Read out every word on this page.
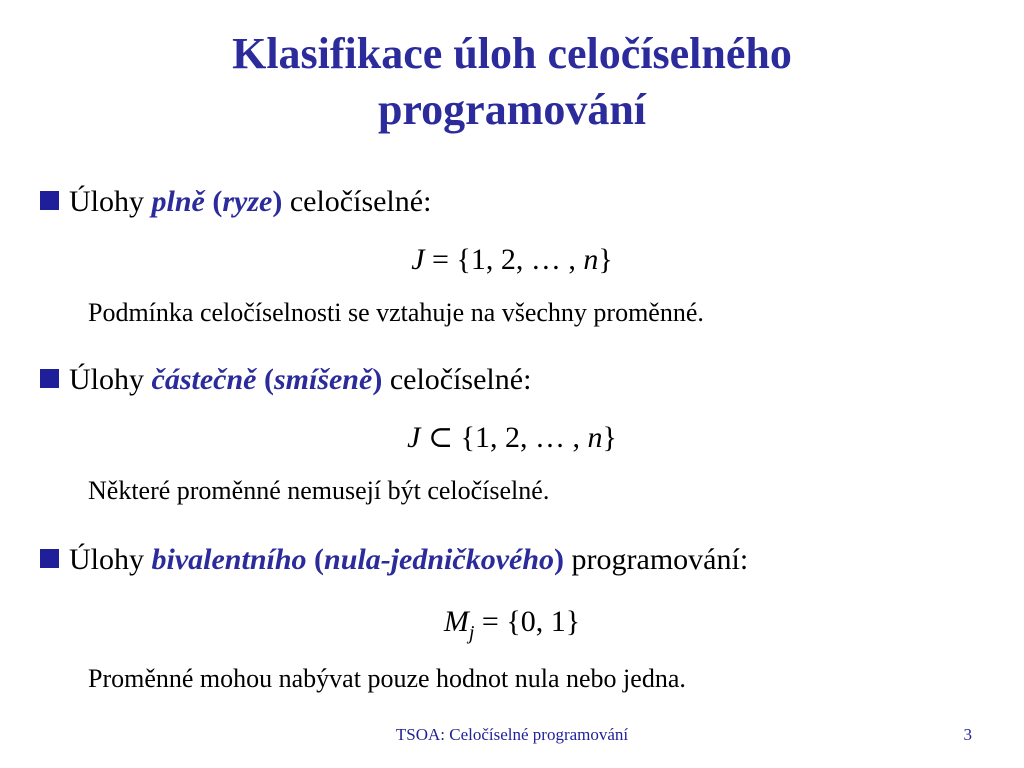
Klasifikace úloh celočíselného
programování
Úlohy plně (ryze) celočíselné:
J = {1, 2, … , n}
Podmínka celočíselnosti se vztahuje na všechny proměnné.
Úlohy částečně (smíšeně) celočíselné:
J ⊂ {1, 2, … , n}
Některé proměnné nemusejí být celočíselné.
Úlohy bivalentního (nula-jedničkového) programování:
$M_j = \{0$, 1}
Proměnné mohou nabývat pouze hodnot nula nebo jedna.
TSOA: Celočíselné programování	3
